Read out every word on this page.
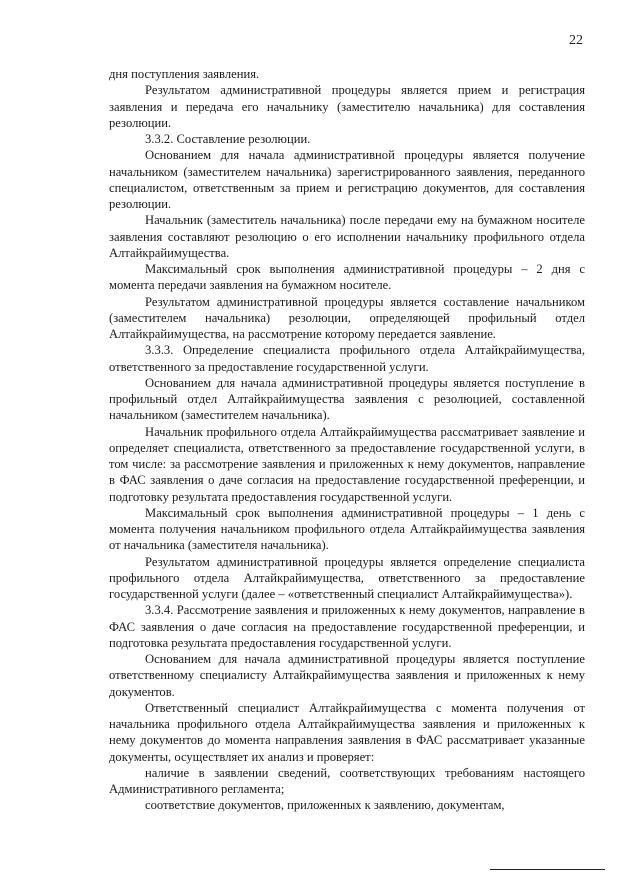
22

дня поступления заявления.

Результатом административной процедуры является прием и регистрация заявления и передача его начальнику (заместителю начальника) для составления резолюции.

3.3.2. Составление резолюции.

Основанием для начала административной процедуры является получение начальником (заместителем начальника) зарегистрированного заявления, переданного специалистом, ответственным за прием и регистрацию документов, для составления резолюции.

Начальник (заместитель начальника) после передачи ему на бумажном носителе заявления составляют резолюцию о его исполнении начальнику профильного отдела Алтайкрайимущества.

Максимальный срок выполнения административной процедуры – 2 дня с момента передачи заявления на бумажном носителе.

Результатом административной процедуры является составление начальником (заместителем начальника) резолюции, определяющей профильный отдел Алтайкрайимущества, на рассмотрение которому передается заявление.

3.3.3. Определение специалиста профильного отдела Алтайкрайимущества, ответственного за предоставление государственной услуги.

Основанием для начала административной процедуры является поступление в профильный отдел Алтайкрайимущества заявления с резолюцией, составленной начальником (заместителем начальника).

Начальник профильного отдела Алтайкрайимущества рассматривает заявление и определяет специалиста, ответственного за предоставление государственной услуги, в том числе: за рассмотрение заявления и приложенных к нему документов, направление в ФАС заявления о даче согласия на предоставление государственной преференции, и подготовку результата предоставления государственной услуги.

Максимальный срок выполнения административной процедуры – 1 день с момента получения начальником профильного отдела Алтайкрайимущества заявления от начальника (заместителя начальника).

Результатом административной процедуры является определение специалиста профильного отдела Алтайкрайимущества, ответственного за предоставление государственной услуги (далее – «ответственный специалист Алтайкрайимущества»).

3.3.4. Рассмотрение заявления и приложенных к нему документов, направление в ФАС заявления о даче согласия на предоставление государственной преференции, и подготовка результата предоставления государственной услуги.

Основанием для начала административной процедуры является поступление ответственному специалисту Алтайкрайимущества заявления и приложенных к нему документов.

Ответственный специалист Алтайкрайимущества с момента получения от начальника профильного отдела Алтайкрайимущества заявления и приложенных к нему документов до момента направления заявления в ФАС рассматривает указанные документы, осуществляет их анализ и проверяет:

наличие в заявлении сведений, соответствующих требованиям настоящего Административного регламента;

соответствие документов, приложенных к заявлению, документам,
